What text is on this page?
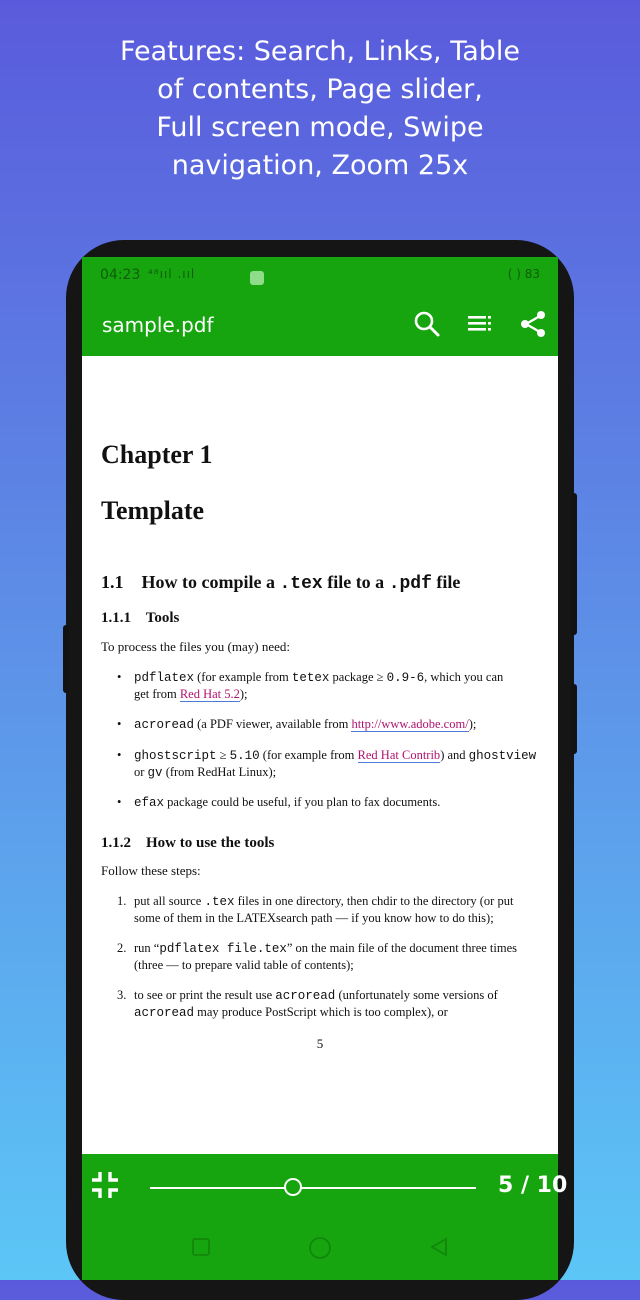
Features: Search, Links, Table
of contents, Page slider,
Full screen mode, Swipe
navigation, Zoom 25x
04:23 ⁴⁸ııl .ııl	( ) 83
sample.pdf
Chapter 1
Template
1.1 How to compile a .tex file to a .pdf file
1.1.1 Tools
To process the files you (may) need:
• pdflatex (for example from tetex package ≥ 0.9-6, which you can
get from Red Hat 5.2);
• acroread (a PDF viewer, available from http://www.adobe.com/);
• ghostscript ≥ 5.10 (for example from Red Hat Contrib) and ghostview
or gv (from RedHat Linux);
• efax package could be useful, if you plan to fax documents.
1.1.2 How to use the tools
Follow these steps:
1. put all source .tex files in one directory, then chdir to the directory (or put
some of them in the LATEXsearch path — if you know how to do this);
2. run “pdflatex file.tex” on the main file of the document three times
(three — to prepare valid table of contents);
3. to see or print the result use acroread (unfortunately some versions of
acroread may produce PostScript which is too complex), or
5
5 / 10
